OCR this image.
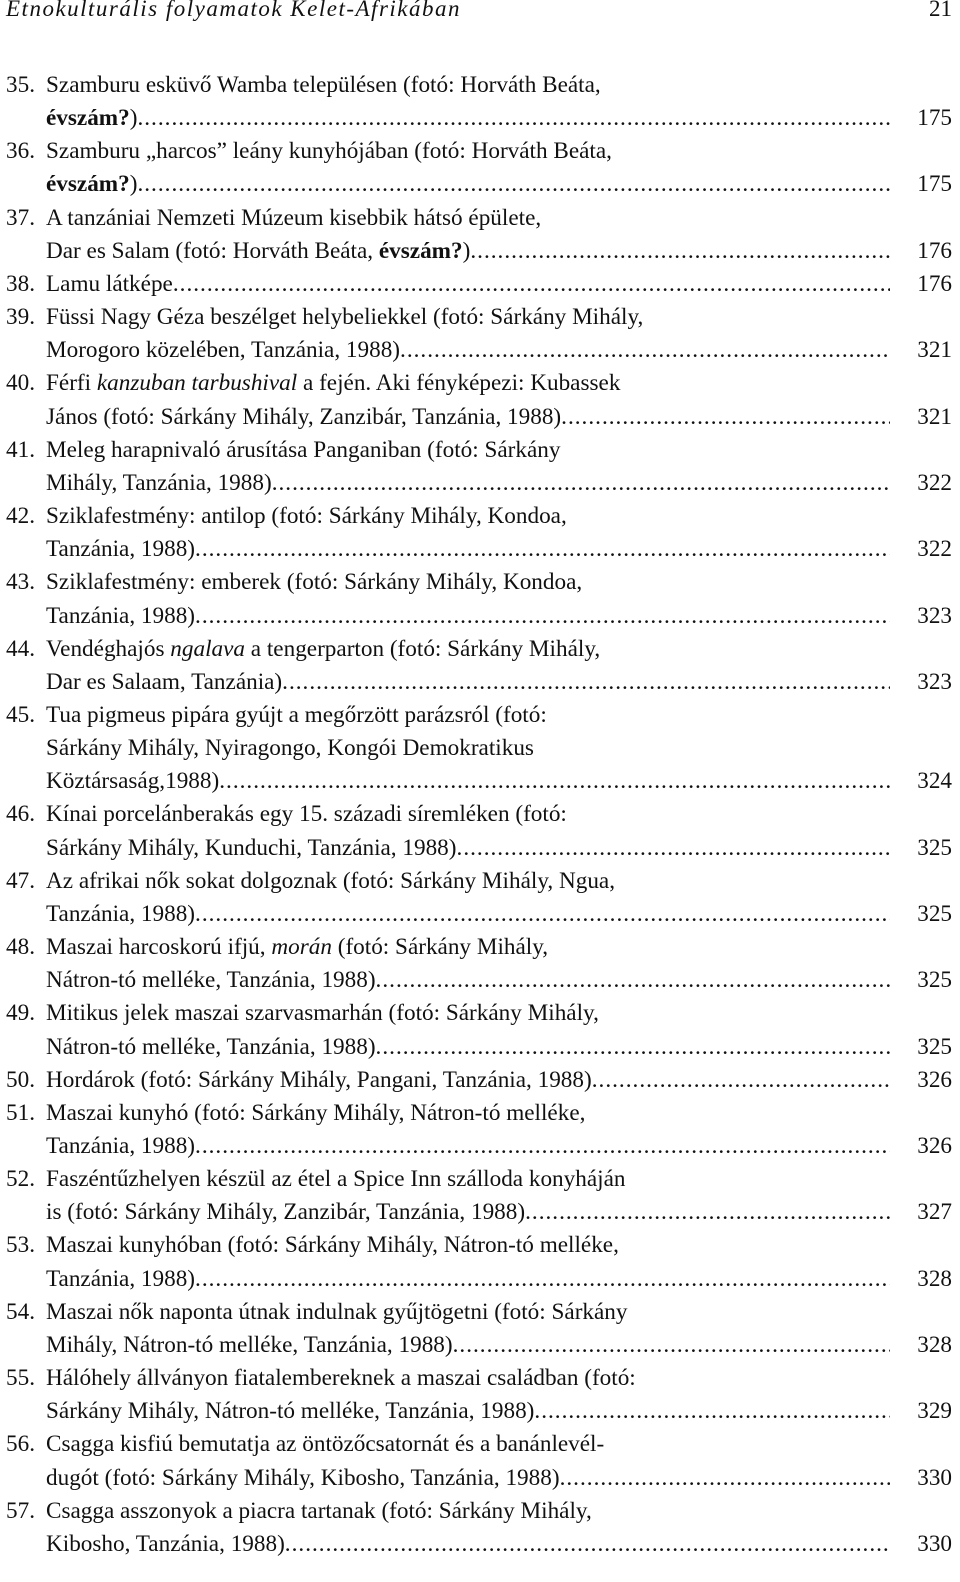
Etnokulturális folyamatok Kelet-Afrikában	21
35. Szamburu esküvő Wamba településen (fotó: Horváth Beáta,
évszám?) .....	175
36. Szamburu „harcos” leány kunyhójában (fotó: Horváth Beáta,
évszám?) .....	175
37. A tanzániai Nemzeti Múzeum kisebbik hátsó épülete,
Dar es Salam (fotó: Horváth Beáta, évszám?) .....	176
38. Lamu látképe .....	176
39. Füssi Nagy Géza beszélget helybeliekkel (fotó: Sárkány Mihály,
Morogoro közelében, Tanzánia, 1988) .....	321
40. Férfi kanzuban tarbushival a fején. Aki fényképezi: Kubassek
János (fotó: Sárkány Mihály, Zanzibár, Tanzánia, 1988) .....	321
41. Meleg harapnivaló árusítása Panganiban (fotó: Sárkány
Mihály, Tanzánia, 1988) .....	322
42. Sziklafestmény: antilop (fotó: Sárkány Mihály, Kondoa,
Tanzánia, 1988) .....	322
43. Sziklafestmény: emberek (fotó: Sárkány Mihály, Kondoa,
Tanzánia, 1988) .....	323
44. Vendéghajós ngalava a tengerparton (fotó: Sárkány Mihály,
Dar es Salaam, Tanzánia) .....	323
45. Tua pigmeus pipára gyújt a megőrzött parázsról (fotó:
Sárkány Mihály, Nyiragongo, Kongói Demokratikus
Köztársaság,1988) .....	324
46. Kínai porcelánberakás egy 15. századi síremléken (fotó:
Sárkány Mihály, Kunduchi, Tanzánia, 1988) .....	325
47. Az afrikai nők sokat dolgoznak (fotó: Sárkány Mihály, Ngua,
Tanzánia, 1988) .....	325
48. Maszai harcoskorú ifjú, morán (fotó: Sárkány Mihály,
Nátron-tó melléke, Tanzánia, 1988) .....	325
49. Mitikus jelek maszai szarvasmarhán (fotó: Sárkány Mihály,
Nátron-tó melléke, Tanzánia, 1988) .....	325
50. Hordárok (fotó: Sárkány Mihály, Pangani, Tanzánia, 1988) .....	326
51. Maszai kunyhó (fotó: Sárkány Mihály, Nátron-tó melléke,
Tanzánia, 1988) .....	326
52. Faszéntűzhelyen készül az étel a Spice Inn szálloda konyháján
is (fotó: Sárkány Mihály, Zanzibár, Tanzánia, 1988) .....	327
53. Maszai kunyhóban (fotó: Sárkány Mihály, Nátron-tó melléke,
Tanzánia, 1988) .....	328
54. Maszai nők naponta útnak indulnak gyűjtögetni (fotó: Sárkány
Mihály, Nátron-tó melléke, Tanzánia, 1988) .....	328
55. Hálóhely állványon fiatalembereknek a maszai családban (fotó:
Sárkány Mihály, Nátron-tó melléke, Tanzánia, 1988) .....	329
56. Csagga kisfiú bemutatja az öntözőcsatornát és a banánlevél-
dugót (fotó: Sárkány Mihály, Kibosho, Tanzánia, 1988) .....	330
57. Csagga asszonyok a piacra tartanak (fotó: Sárkány Mihály,
Kibosho, Tanzánia, 1988) .....	330
